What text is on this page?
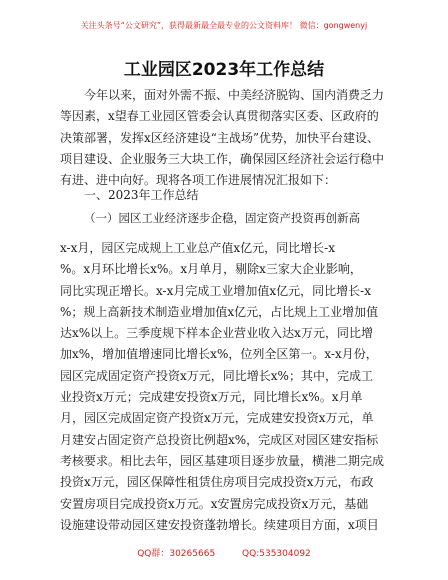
关注头条号“公文研究”，获得最新最全最专业的公文资料库！ 微信：gongwenyj
工业园区2023年工作总结
　　今年以来，面对外需不振、中美经济脱钩、国内消费乏力
等因素，x望春工业园区管委会认真贯彻落实区委、区政府的
决策部署，发挥x区经济建设“主战场”优势，加快平台建设、
项目建设、企业服务三大块工作，确保园区经济社会运行稳中
有进、进中向好。现将各项工作进展情况汇报如下：
一、2023年工作总结
（一）园区工业经济逐步企稳，固定资产投资再创新高
x-x月，园区完成规上工业总产值x亿元，同比增长-x
%。x月环比增长x%。x月单月，剔除x三家大企业影响，
同比实现正增长。x-x月完成工业增加值x亿元，同比增长-x
%；规上高新技术制造业增加值x亿元，占比规上工业增加值
达x%以上。三季度规下样本企业营业收入达x万元，同比增
加x%，增加值增速同比增长x%，位列全区第一。x-x月份，
园区完成固定资产投资x万元，同比增长x%；其中，完成工
业投资x万元；完成建安投资x万元，同比增长x%。x月单
月，园区完成固定资产投资x万元，完成建安投资x万元，单
月建安占固定资产总投资比例超x%，完成区对园区建安指标
考核要求。相比去年，园区基建项目逐步放量，横港二期完成
投资x万元，园区保障性租赁住房项目完成投资x万元，布政
安置房项目完成投资x万元。x安置房完成投资x万元，基础
设施建设带动园区建安投资蓬勃增长。续建项目方面，x项目
QQ群：30265665	QQ:535304092
